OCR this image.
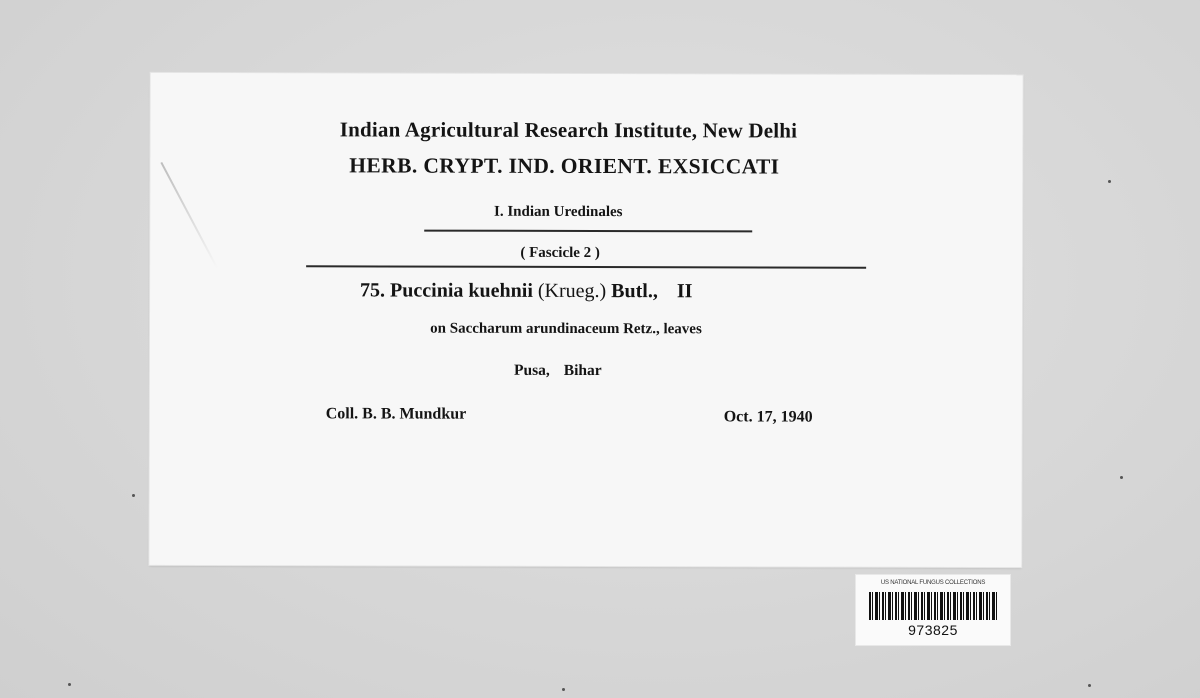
Indian Agricultural Research Institute, New Delhi
HERB. CRYPT. IND. ORIENT. EXSICCATI
I. Indian Uredinales
( Fascicle 2 )
75. Puccinia kuehnii (Krueg.) Butl., II
on Saccharum arundinaceum Retz., leaves
Pusa, Bihar
Coll. B. B. Mundkur	Oct. 17, 1940
US NATIONAL FUNGUS COLLECTIONS
973825
